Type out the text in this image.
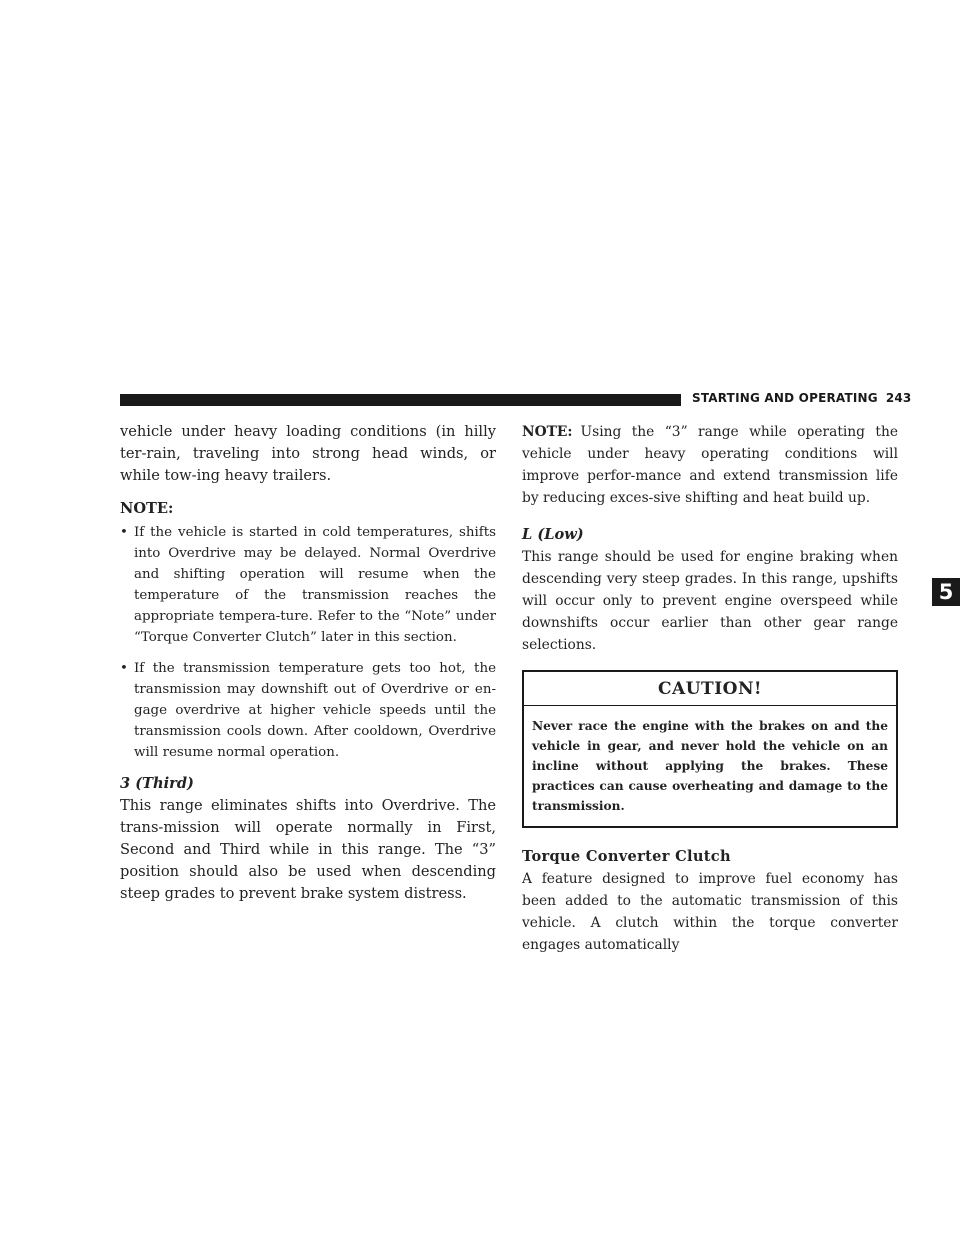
STARTING AND OPERATING 243
5

vehicle under heavy loading conditions (in hilly ter-rain, traveling into strong head winds, or while tow-ing heavy trailers.

NOTE:
• If the vehicle is started in cold temperatures, shifts into Overdrive may be delayed. Normal Overdrive and shifting operation will resume when the temperature of the transmission reaches the appropriate tempera-ture. Refer to the “Note” under “Torque Converter Clutch” later in this section.
• If the transmission temperature gets too hot, the transmission may downshift out of Overdrive or en-gage overdrive at higher vehicle speeds until the transmission cools down. After cooldown, Overdrive will resume normal operation.
3 (Third)

This range eliminates shifts into Overdrive. The trans-mission will operate normally in First, Second and Third while in this range. The “3” position should also be used when descending steep grades to prevent brake system distress.

NOTE: Using the “3” range while operating the vehicle under heavy operating conditions will improve perfor-mance and extend transmission life by reducing exces-sive shifting and heat build up.

L (Low)

This range should be used for engine braking when descending very steep grades. In this range, upshifts will occur only to prevent engine overspeed while downshifts occur earlier than other gear range selections.

CAUTION!
Never race the engine with the brakes on and the vehicle in gear, and never hold the vehicle on an incline without applying the brakes. These practices can cause overheating and damage to the transmission.
Torque Converter Clutch

A feature designed to improve fuel economy has been added to the automatic transmission of this vehicle. A clutch within the torque converter engages automatically
